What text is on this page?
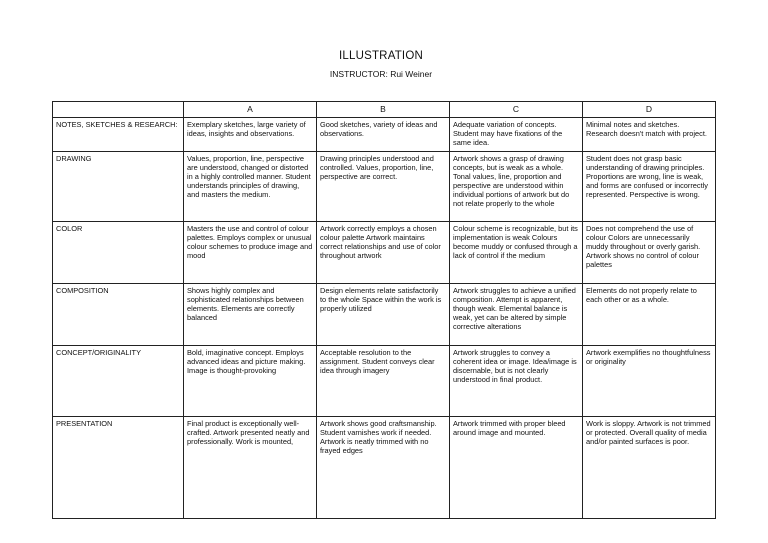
ILLUSTRATION
INSTRUCTOR: Rui Weiner
	A	B	C	D
NOTES, SKETCHES & RESEARCH:	Exemplary sketches, large variety of ideas, insights and observations.	Good sketches, variety of ideas and observations.	Adequate variation of concepts. Student may have fixations of the same idea.	Minimal notes and sketches. Research doesn't match with project.
DRAWING	Values, proportion, line, perspective are understood, changed or distorted in a highly controlled manner. Student understands principles of drawing, and masters the medium.	Drawing principles understood and controlled. Values, proportion, line, perspective are correct.	Artwork shows a grasp of drawing concepts, but is weak as a whole. Tonal values, line, proportion and perspective are understood within individual portions of artwork but do not relate properly to the whole	Student does not grasp basic understanding of drawing principles. Proportions are wrong, line is weak, and forms are confused or incorrectly represented. Perspective is wrong.
COLOR	Masters the use and control of colour palettes. Employs complex or unusual colour schemes to produce image and mood	Artwork correctly employs a chosen colour palette Artwork maintains correct relationships and use of color throughout artwork	Colour scheme is recognizable, but its implementation is weak Colours become muddy or confused through a lack of control if the medium	Does not comprehend the use of colour Colors are unnecessarily muddy throughout or overly garish. Artwork shows no control of colour palettes
COMPOSITION	Shows highly complex and sophisticated relationships between elements. Elements are correctly balanced	Design elements relate satisfactorily to the whole Space within the work is properly utilized	Artwork struggles to achieve a unified composition. Attempt is apparent, though weak. Elemental balance is weak, yet can be altered by simple corrective alterations	Elements do not properly relate to each other or as a whole.
CONCEPT/ORIGINALITY	Bold, imaginative concept. Employs advanced ideas and picture making. Image is thought-provoking	Acceptable resolution to the assignment. Student conveys clear idea through imagery	Artwork struggles to convey a coherent idea or image. Idea/image is discernable, but is not clearly understood in final product.	Artwork exemplifies no thoughtfulness or originality
PRESENTATION	Final product is exceptionally well-crafted. Artwork presented neatly and professionally. Work is mounted,	Artwork shows good craftsmanship. Student varnishes work if needed. Artwork is neatly trimmed with no frayed edges	Artwork trimmed with proper bleed around image and mounted.	Work is sloppy. Artwork is not trimmed or protected. Overall quality of media and/or painted surfaces is poor.
